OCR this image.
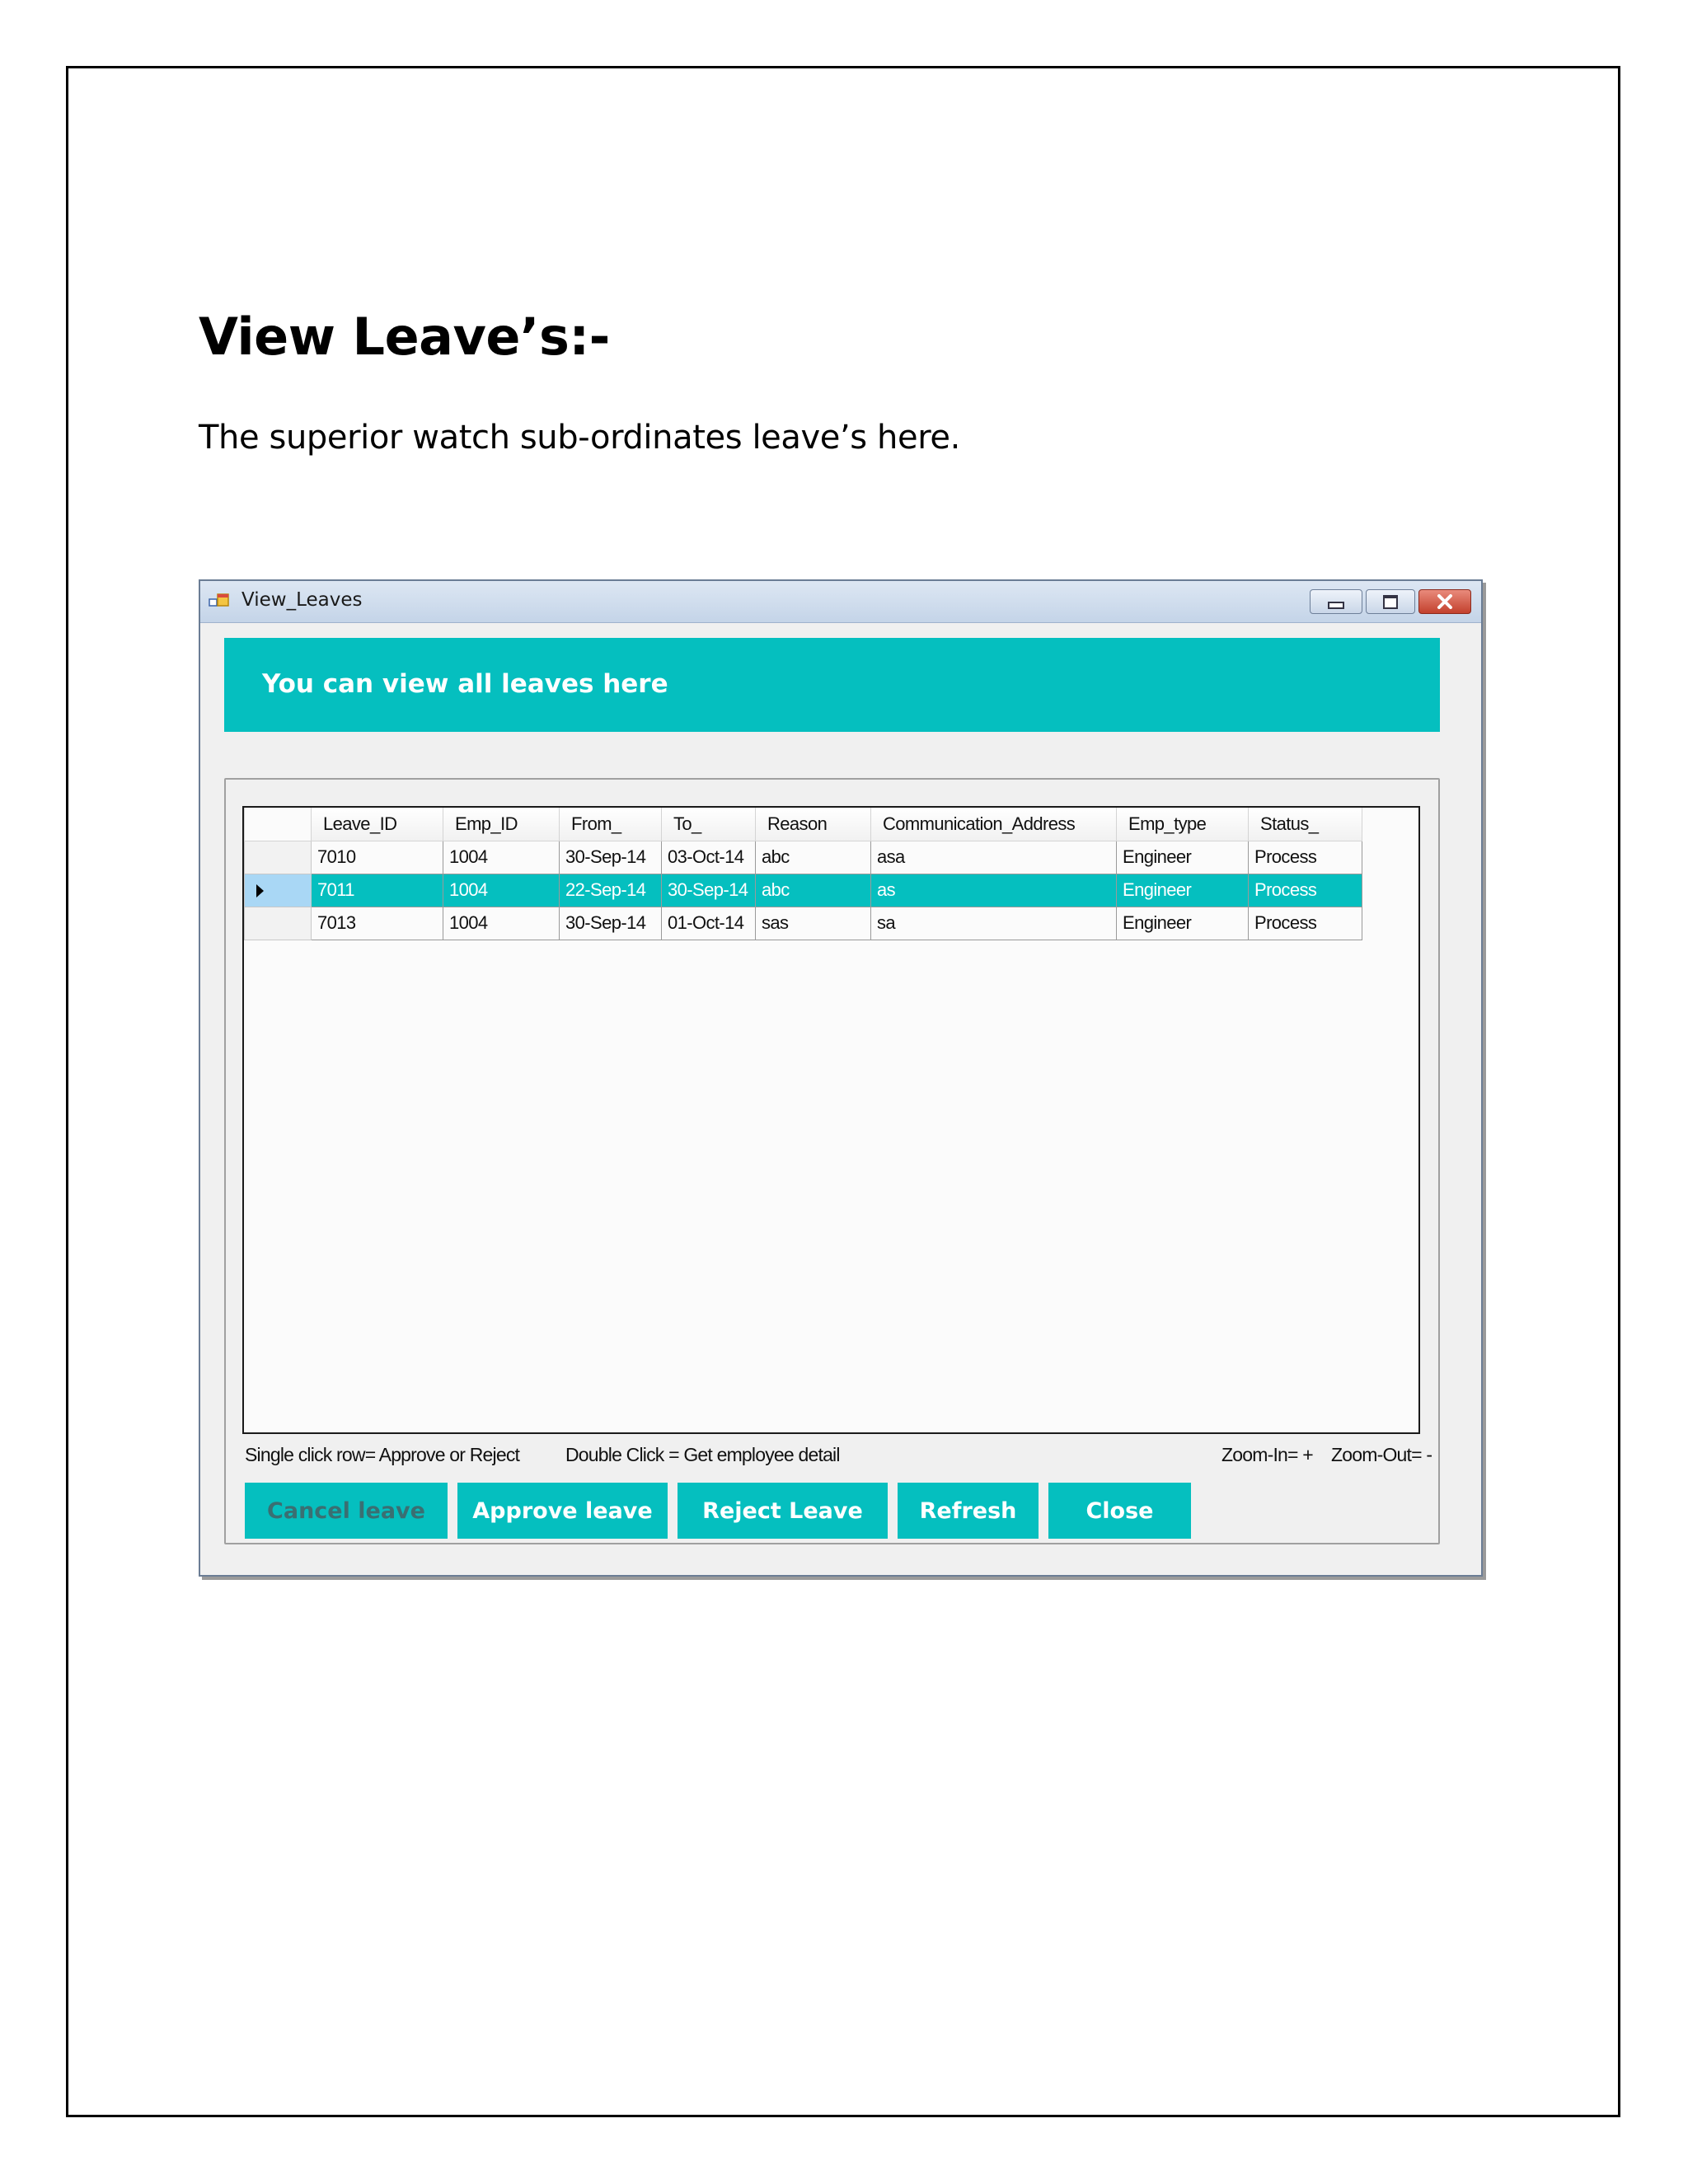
View Leave’s:-

The superior watch sub-ordinates leave’s here.

View_Leaves
You can view all leaves here
	Leave_ID	Emp_ID	From_	To_	Reason	Communication_Address	Emp_type	Status_
	7010	1004	30-Sep-14	03-Oct-14	abc	asa	Engineer	Process

	7011	1004	22-Sep-14	30-Sep-14	abc	as	Engineer	Process
	7013	1004	30-Sep-14	01-Oct-14	sas	sa	Engineer	Process
Single click row= Approve or Reject Double Click = Get employee detail	Zoom-In= + Zoom-Out= -
Cancel leave	Approve leave	Reject Leave	Refresh	Close
